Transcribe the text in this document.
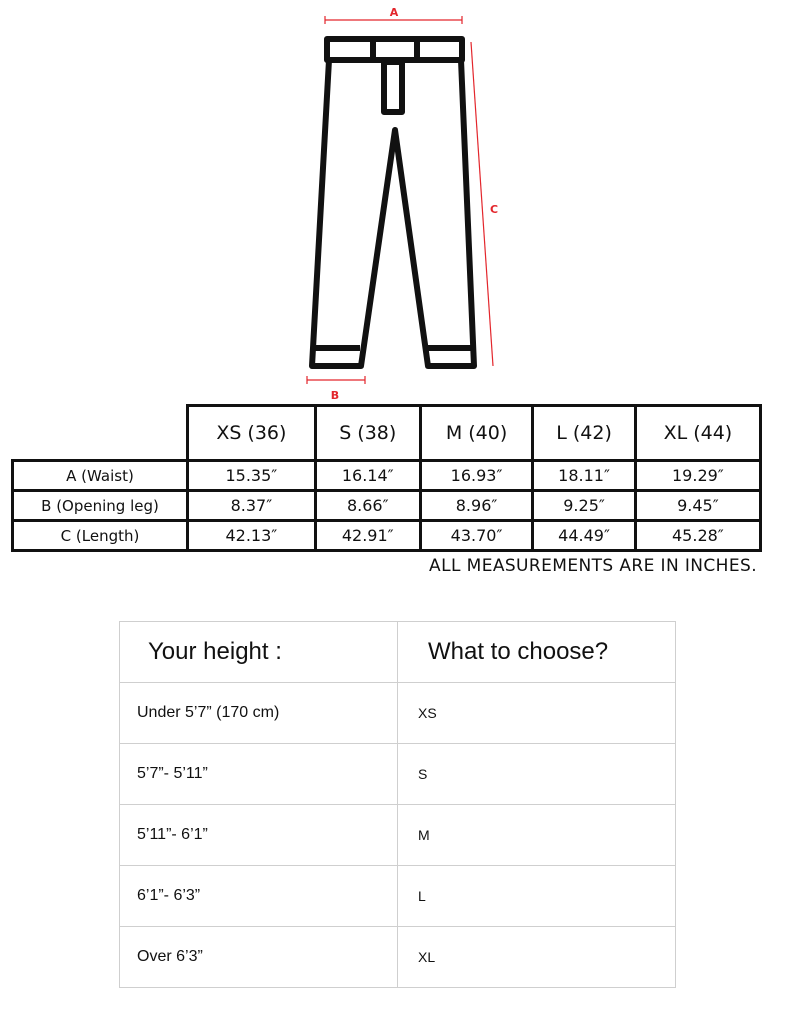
A
C
B
	XS (36)	S (38)	M (40)	L (42)	XL (44)
A (Waist)	15.35″	16.14″	16.93″	18.11″	19.29″
B (Opening leg)	8.37″	8.66″	8.96″	9.25″	9.45″
C (Length)	42.13″	42.91″	43.70″	44.49″	45.28″
ALL MEASUREMENTS ARE IN INCHES.
Your height :	What to choose?
Under 5’7” (170 cm)	XS
5’7”- 5’11”	S
5’11”- 6’1”	M
6’1”- 6’3”	L
Over 6’3”	XL
